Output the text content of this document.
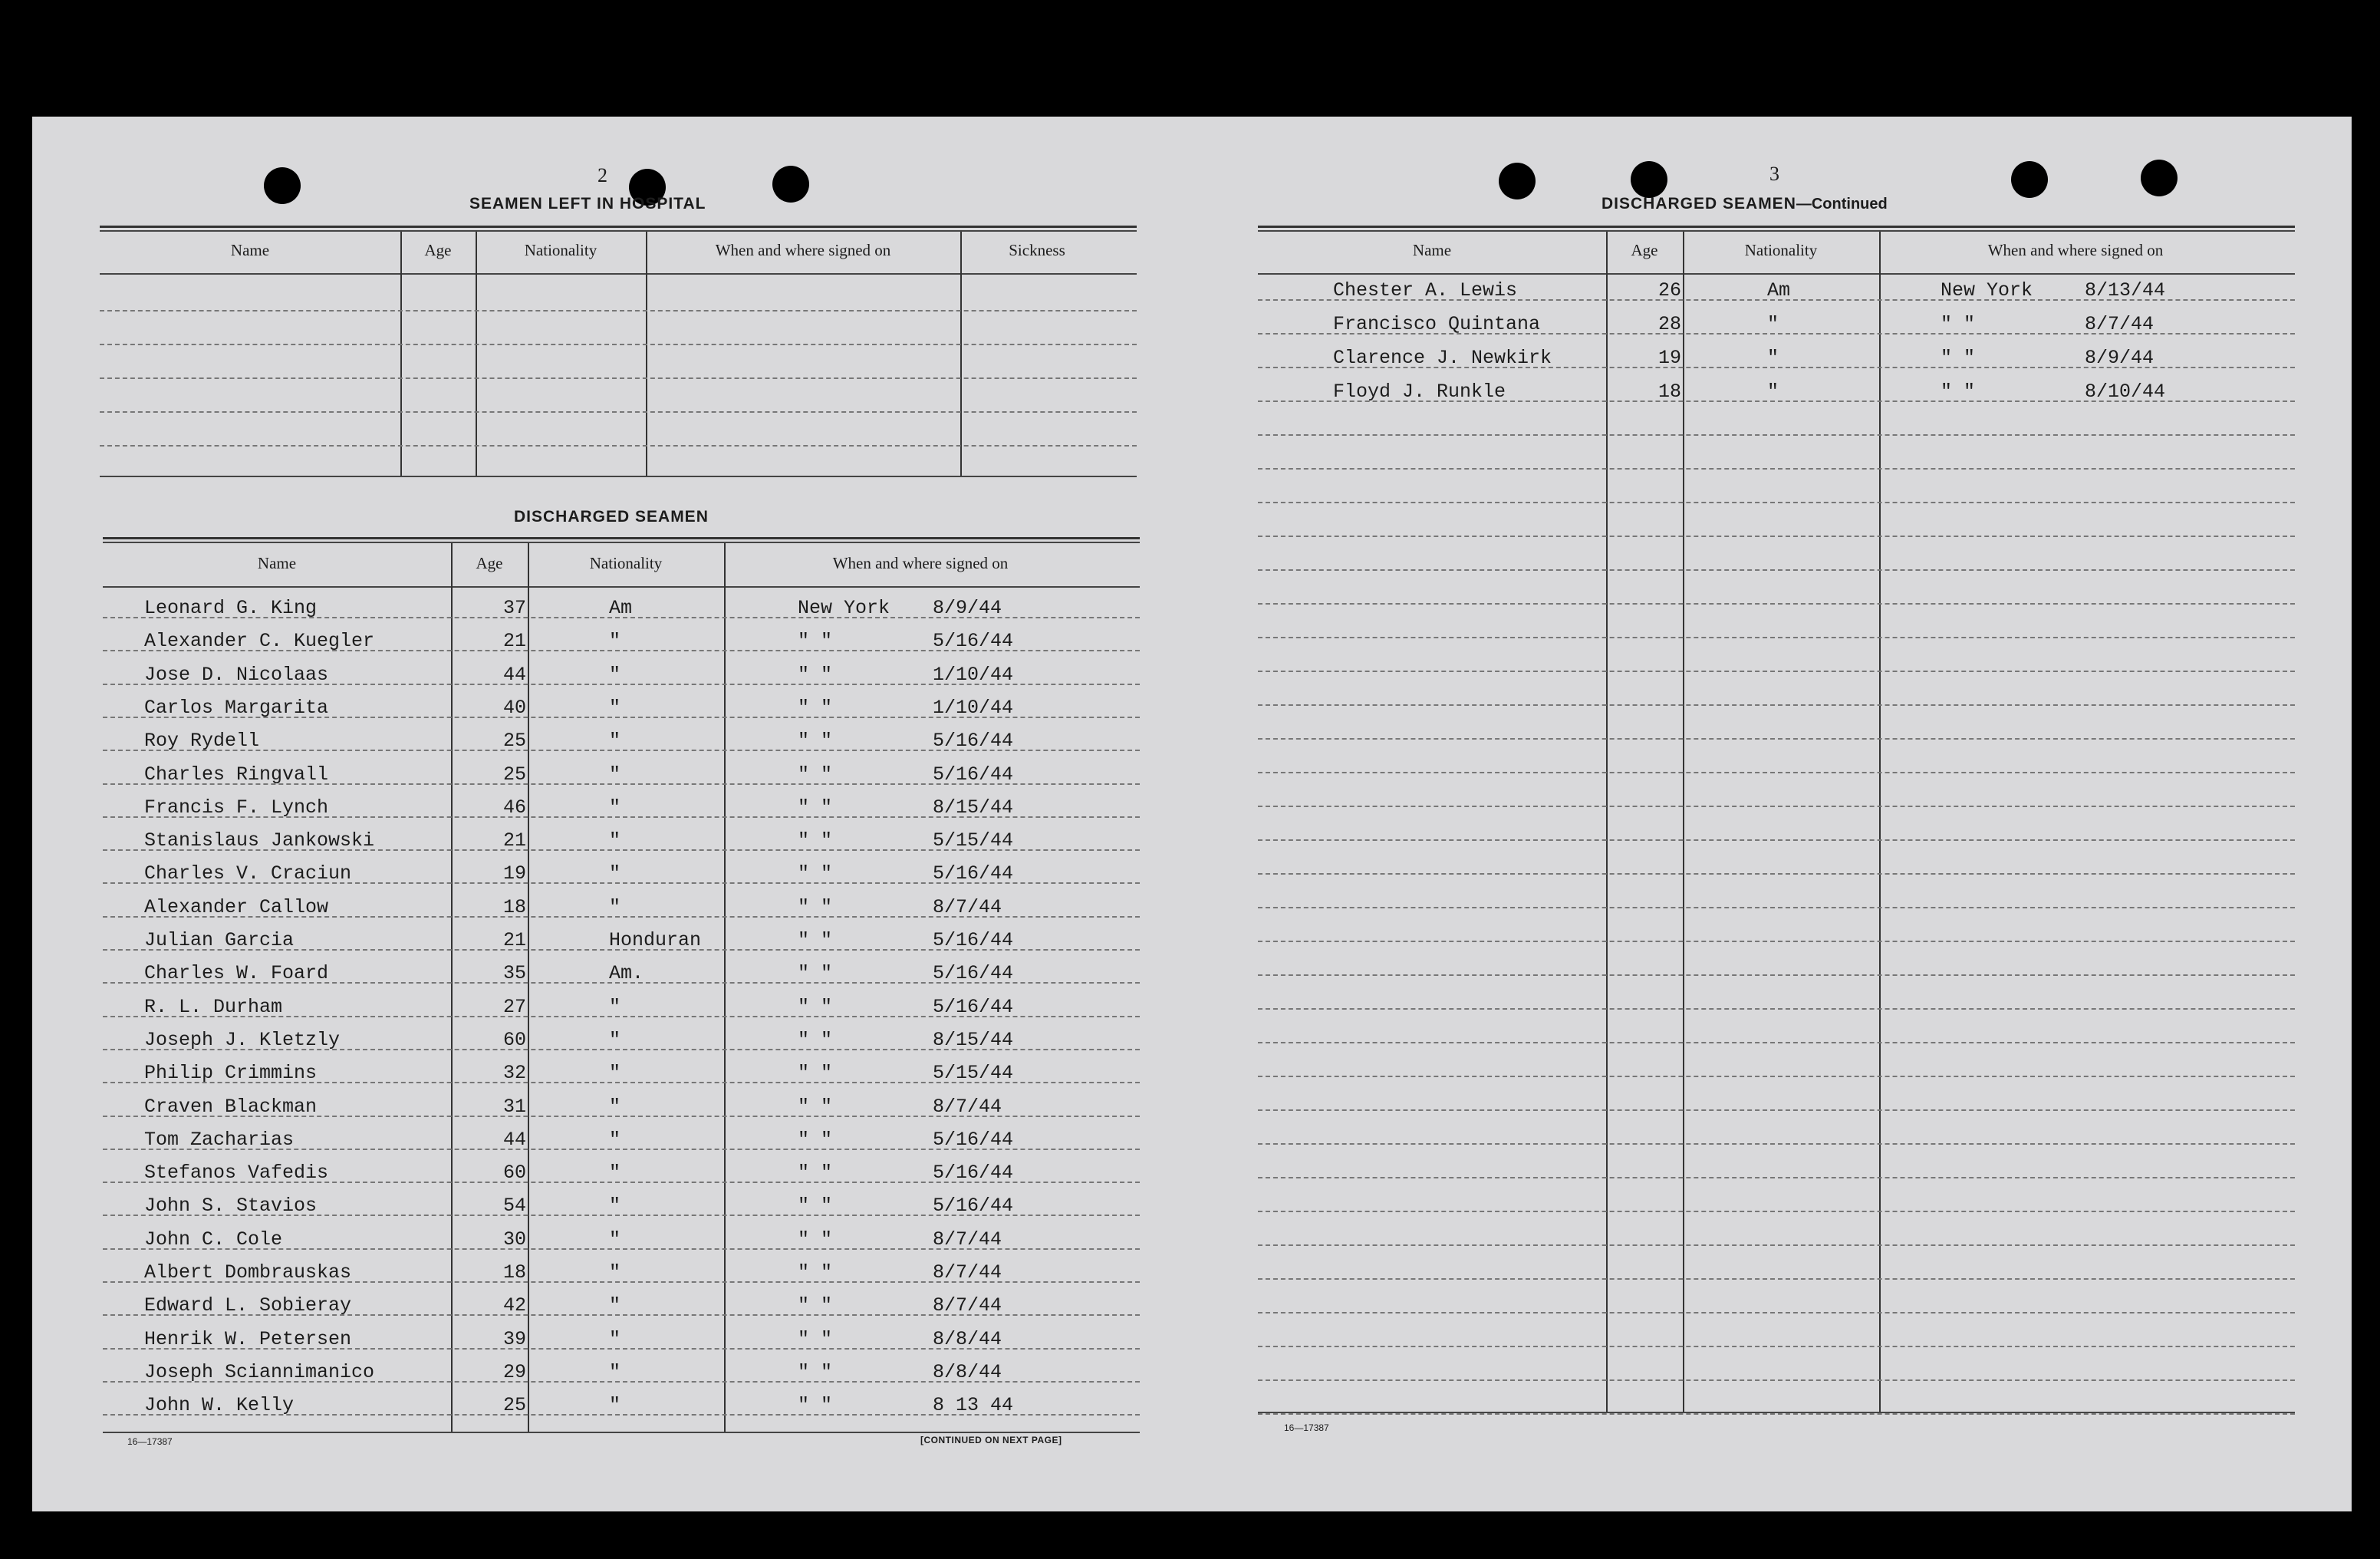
2
SEAMEN LEFT IN HOSPITAL
Name	Age	Nationality	When and where signed on	Sickness
DISCHARGED SEAMEN
Name	Age	Nationality	When and where signed on
Leonard G. King	37	Am	New York 8/9/44
Alexander C. Kuegler	21	"	" "	5/16/44
Jose D. Nicolaas	44	"	" "	1/10/44
Carlos Margarita	40	"	" "	1/10/44
Roy Rydell	25	"	" "	5/16/44
Charles Ringvall	25	"	" "	5/16/44
Francis F. Lynch	46	"	" "	8/15/44
Stanislaus Jankowski	21	"	" "	5/15/44
Charles V. Craciun	19	"	" "	5/16/44
Alexander Callow	18	"	" "	8/7/44
Julian Garcia	21	Honduran	" "	5/16/44
Charles W. Foard	35	Am.	" "	5/16/44
R. L. Durham	27	"	" "	5/16/44
Joseph J. Kletzly	60	"	" "	8/15/44
Philip Crimmins	32	"	" "	5/15/44
Craven Blackman	31	"	" "	8/7/44
Tom Zacharias	44	"	" "	5/16/44
Stefanos Vafedis	60	"	" "	5/16/44
John S. Stavios	54	"	" "	5/16/44
John C. Cole	30	"	" "	8/7/44
Albert Dombrauskas	18	"	" "	8/7/44
Edward L. Sobieray	42	"	" "	8/7/44
Henrik W. Petersen	39	"	" "	8/8/44
Joseph Sciannimanico	29	"	" "	8/8/44
John W. Kelly	25	"	" "	8 13 44
16—17387	[CONTINUED ON NEXT PAGE]
3
DISCHARGED SEAMEN—Continued
Name	Age	Nationality	When and where signed on
Chester A. Lewis	26	Am	New York	8/13/44
Francisco Quintana	28	"	" "	8/7/44
Clarence J. Newkirk	19	"	" "	8/9/44
Floyd J. Runkle	18	"	" "	8/10/44
16—17387
